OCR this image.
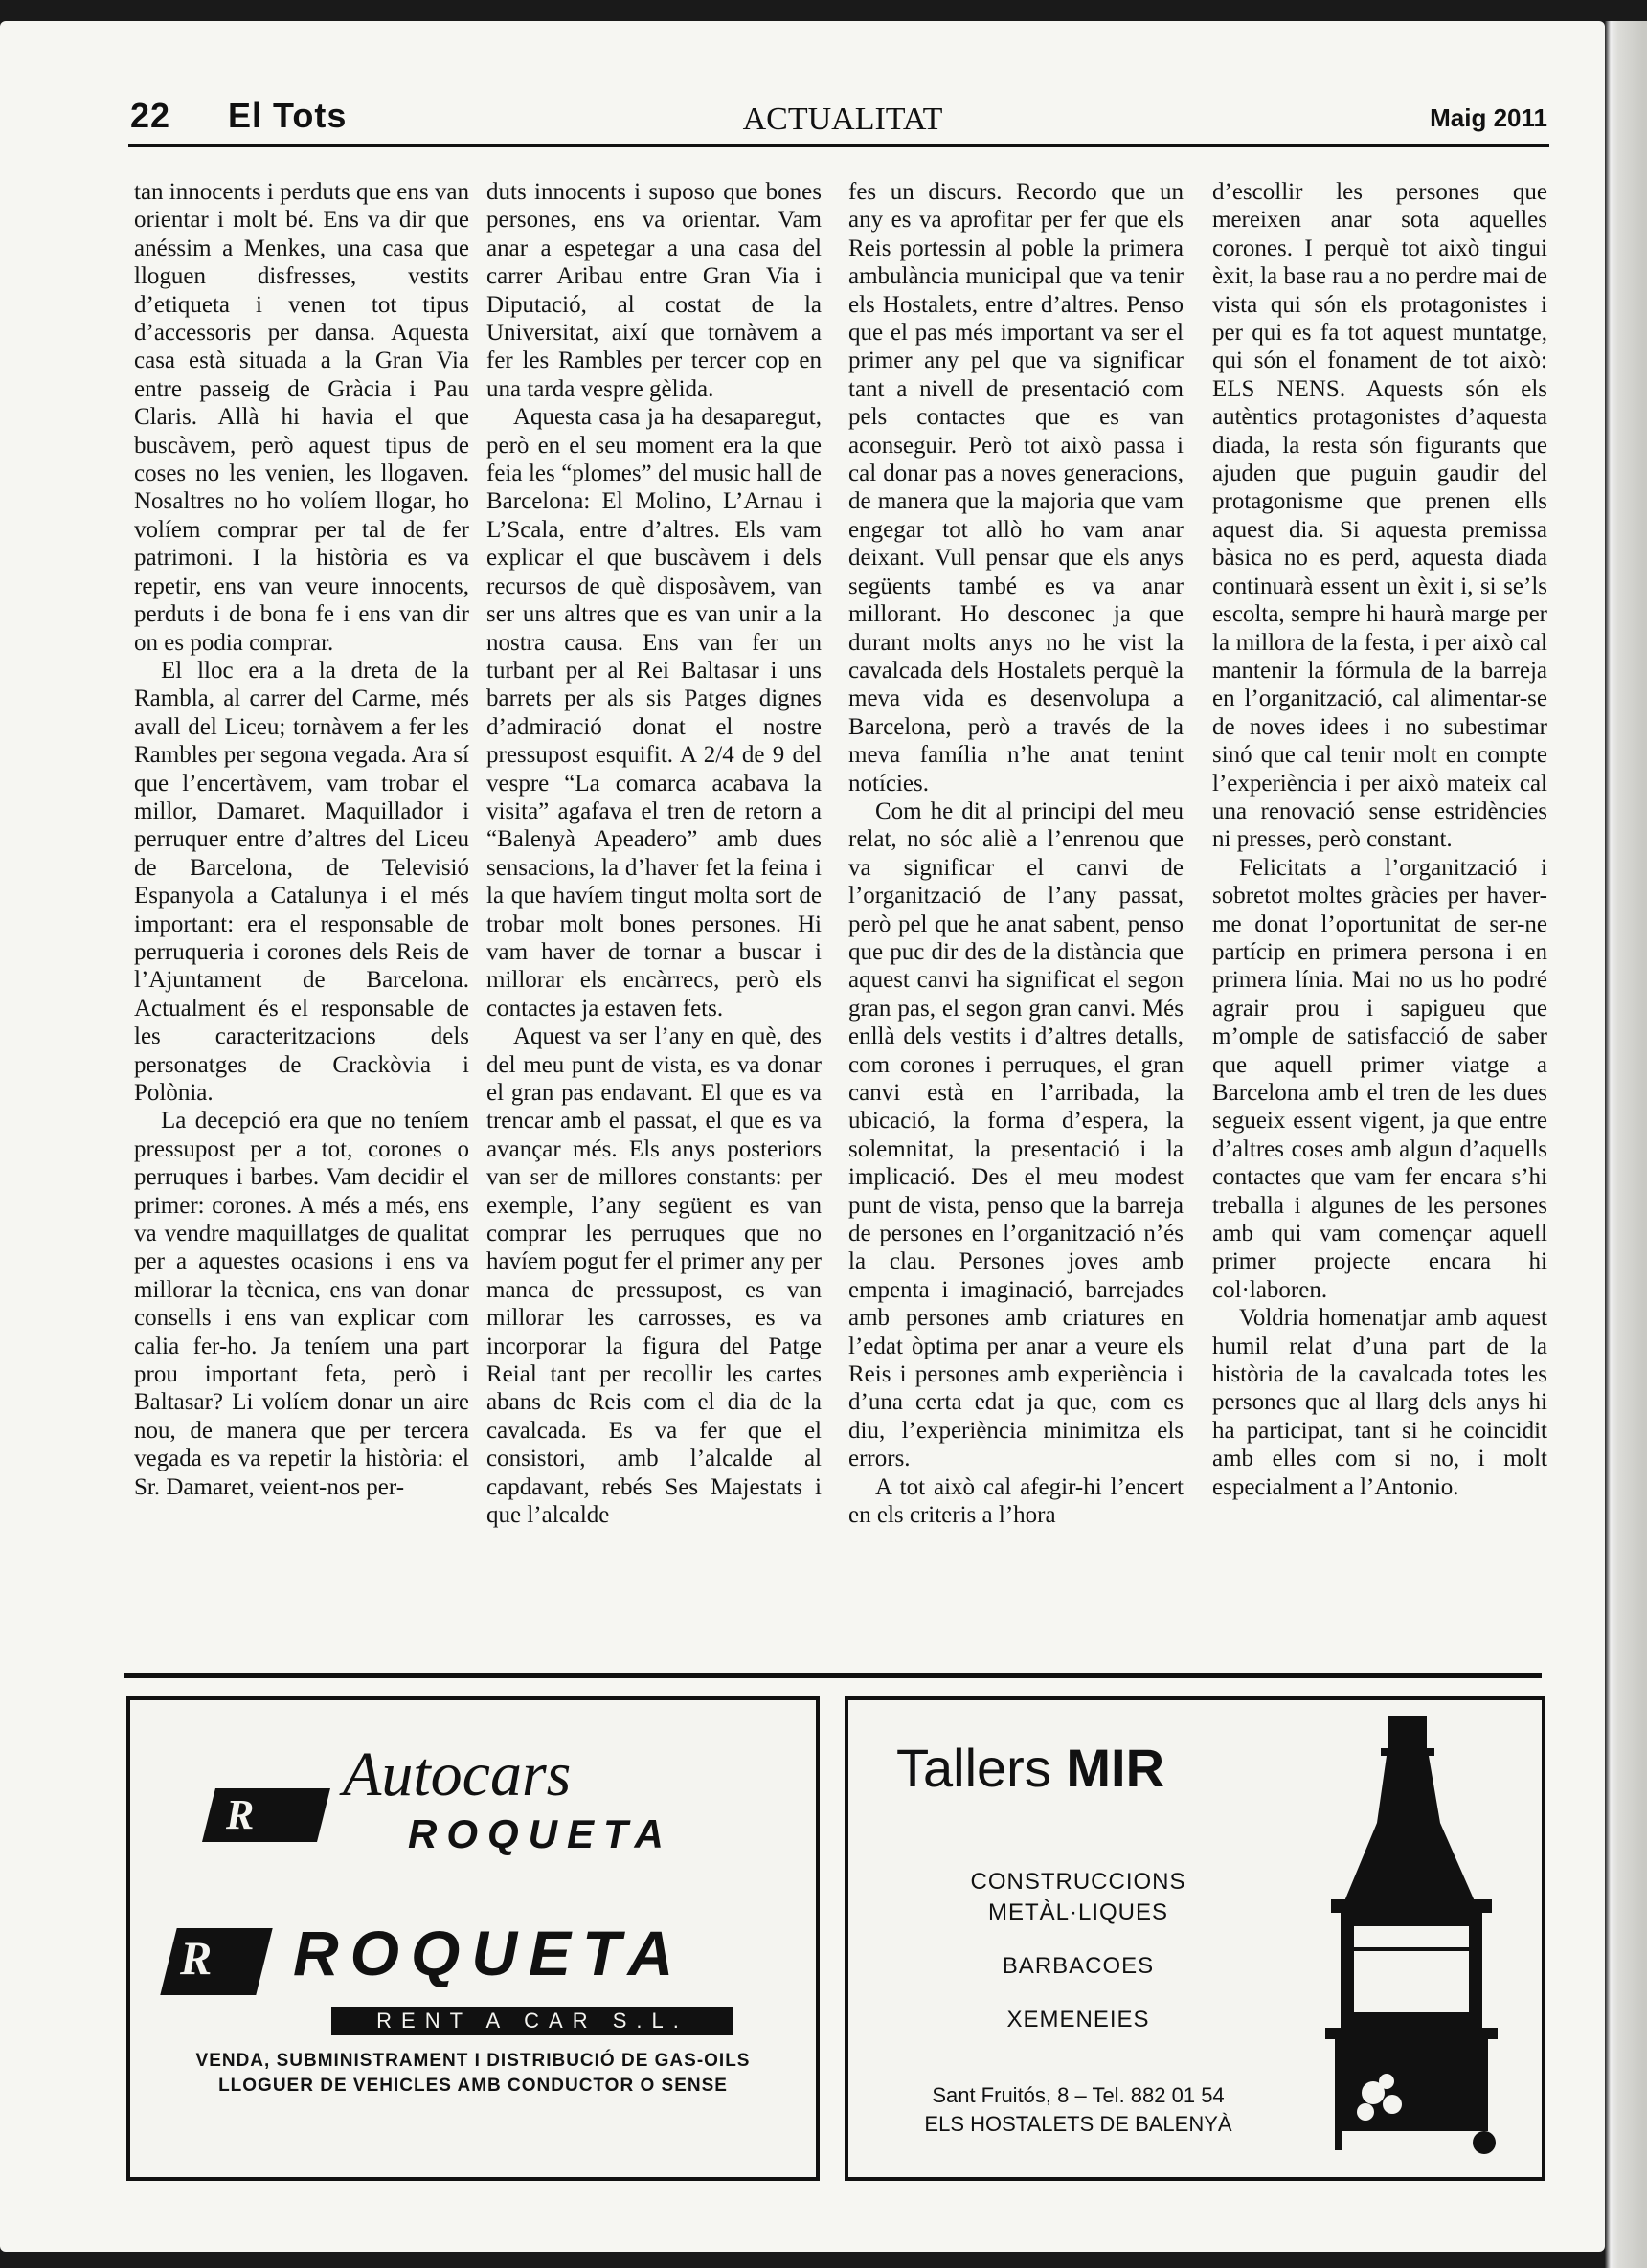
22 El Tots	ACTUALITAT	Maig 2011

tan innocents i perduts que ens van orientar i molt bé. Ens va dir que anéssim a Menkes, una casa que lloguen disfresses, vestits d’etiqueta i venen tot tipus d’accessoris per dansa. Aquesta casa està situada a la Gran Via entre passeig de Gràcia i Pau Claris. Allà hi havia el que buscàvem, però aquest tipus de coses no les venien, les llogaven. Nosaltres no ho volíem llogar, ho volíem comprar per tal de fer patrimoni. I la història es va repetir, ens van veure innocents, perduts i de bona fe i ens van dir on es podia comprar.

El lloc era a la dreta de la Rambla, al carrer del Carme, més avall del Liceu; tornàvem a fer les Rambles per segona vegada. Ara sí que l’encertàvem, vam trobar el millor, Damaret. Maquillador i perruquer entre d’altres del Liceu de Barcelona, de Televisió Espanyola a Catalunya i el més important: era el responsable de perruqueria i corones dels Reis de l’Ajuntament de Barcelona. Actualment és el responsable de les caracteritzacions dels personatges de Crackòvia i Polònia.

La decepció era que no teníem pressupost per a tot, corones o perruques i barbes. Vam decidir el primer: corones. A més a més, ens va vendre maquillatges de qualitat per a aquestes ocasions i ens va millorar la tècnica, ens van donar consells i ens van explicar com calia fer-ho. Ja teníem una part prou important feta, però i Baltasar? Li volíem donar un aire nou, de manera que per tercera vegada es va repetir la història: el Sr. Damaret, veient-nos per-

duts innocents i suposo que bones persones, ens va orientar. Vam anar a espetegar a una casa del carrer Aribau entre Gran Via i Diputació, al costat de la Universitat, així que tornàvem a fer les Rambles per tercer cop en una tarda vespre gèlida.

Aquesta casa ja ha desaparegut, però en el seu moment era la que feia les “plomes” del music hall de Barcelona: El Molino, L’Arnau i L’Scala, entre d’altres. Els vam explicar el que buscàvem i dels recursos de què disposàvem, van ser uns altres que es van unir a la nostra causa. Ens van fer un turbant per al Rei Baltasar i uns barrets per als sis Patges dignes d’admiració donat el nostre pressupost esquifit. A 2/4 de 9 del vespre “La comarca acabava la visita” agafava el tren de retorn a “Balenyà Apeadero” amb dues sensacions, la d’haver fet la feina i la que havíem tingut molta sort de trobar molt bones persones. Hi vam haver de tornar a buscar i millorar els encàrrecs, però els contactes ja estaven fets.

Aquest va ser l’any en què, des del meu punt de vista, es va donar el gran pas endavant. El que es va trencar amb el passat, el que es va avançar més. Els anys posteriors van ser de millores constants: per exemple, l’any següent es van comprar les perruques que no havíem pogut fer el primer any per manca de pressupost, es van millorar les carrosses, es va incorporar la figura del Patge Reial tant per recollir les cartes abans de Reis com el dia de la cavalcada. Es va fer que el consistori, amb l’alcalde al capdavant, rebés Ses Majestats i que l’alcalde

fes un discurs. Recordo que un any es va aprofitar per fer que els Reis portessin al poble la primera ambulància municipal que va tenir els Hostalets, entre d’altres. Penso que el pas més important va ser el primer any pel que va significar tant a nivell de presentació com pels contactes que es van aconseguir. Però tot això passa i cal donar pas a noves generacions, de manera que la majoria que vam engegar tot allò ho vam anar deixant. Vull pensar que els anys següents també es va anar millorant. Ho desconec ja que durant molts anys no he vist la cavalcada dels Hostalets perquè la meva vida es desenvolupa a Barcelona, però a través de la meva família n’he anat tenint notícies.

Com he dit al principi del meu relat, no sóc aliè a l’enrenou que va significar el canvi de l’organització de l’any passat, però pel que he anat sabent, penso que puc dir des de la distància que aquest canvi ha significat el segon gran pas, el segon gran canvi. Més enllà dels vestits i d’altres detalls, com corones i perruques, el gran canvi està en l’arribada, la ubicació, la forma d’espera, la solemnitat, la presentació i la implicació. Des el meu modest punt de vista, penso que la barreja de persones en l’organització n’és la clau. Persones joves amb empenta i imaginació, barrejades amb persones amb criatures en l’edat òptima per anar a veure els Reis i persones amb experiència i d’una certa edat ja que, com es diu, l’experiència minimitza els errors.

A tot això cal afegir-hi l’encert en els criteris a l’hora

d’escollir les persones que mereixen anar sota aquelles corones. I perquè tot això tingui èxit, la base rau a no perdre mai de vista qui són els protagonistes i per qui es fa tot aquest muntatge, qui són el fonament de tot això: ELS NENS. Aquests són els autèntics protagonistes d’aquesta diada, la resta són figurants que ajuden que puguin gaudir del protagonisme que prenen ells aquest dia. Si aquesta premissa bàsica no es perd, aquesta diada continuarà essent un èxit i, si se’ls escolta, sempre hi haurà marge per la millora de la festa, i per això cal mantenir la fórmula de la barreja en l’organització, cal alimentar-se de noves idees i no subestimar sinó que cal tenir molt en compte l’experiència i per això mateix cal una renovació sense estridències ni presses, però constant.

Felicitats a l’organització i sobretot moltes gràcies per haver-me donat l’oportunitat de ser-ne partícip en primera persona i en primera línia. Mai no us ho podré agrair prou i sapigueu que m’omple de satisfacció de saber que aquell primer viatge a Barcelona amb el tren de les dues segueix essent vigent, ja que entre d’altres coses amb algun d’aquells contactes que vam fer encara s’hi treballa i algunes de les persones amb qui vam començar aquell primer projecte encara hi col·laboren.

Voldria homenatjar amb aquest humil relat d’una part de la història de la cavalcada totes les persones que al llarg dels anys hi ha participat, tant si he coincidit amb elles com si no, i molt especialment a l’Antonio.

R
Autocars
ROQUETA
R ROQUETA
RENT A CAR S.L.
VENDA, SUBMINISTRAMENT I DISTRIBUCIÓ DE GAS-OILS
LLOGUER DE VEHICLES AMB CONDUCTOR O SENSE
Tallers MIR
CONSTRUCCIONS
METÀL·LIQUES
BARBACOES
XEMENEIES
Sant Fruitós, 8 – Tel. 882 01 54
ELS HOSTALETS DE BALENYÀ
